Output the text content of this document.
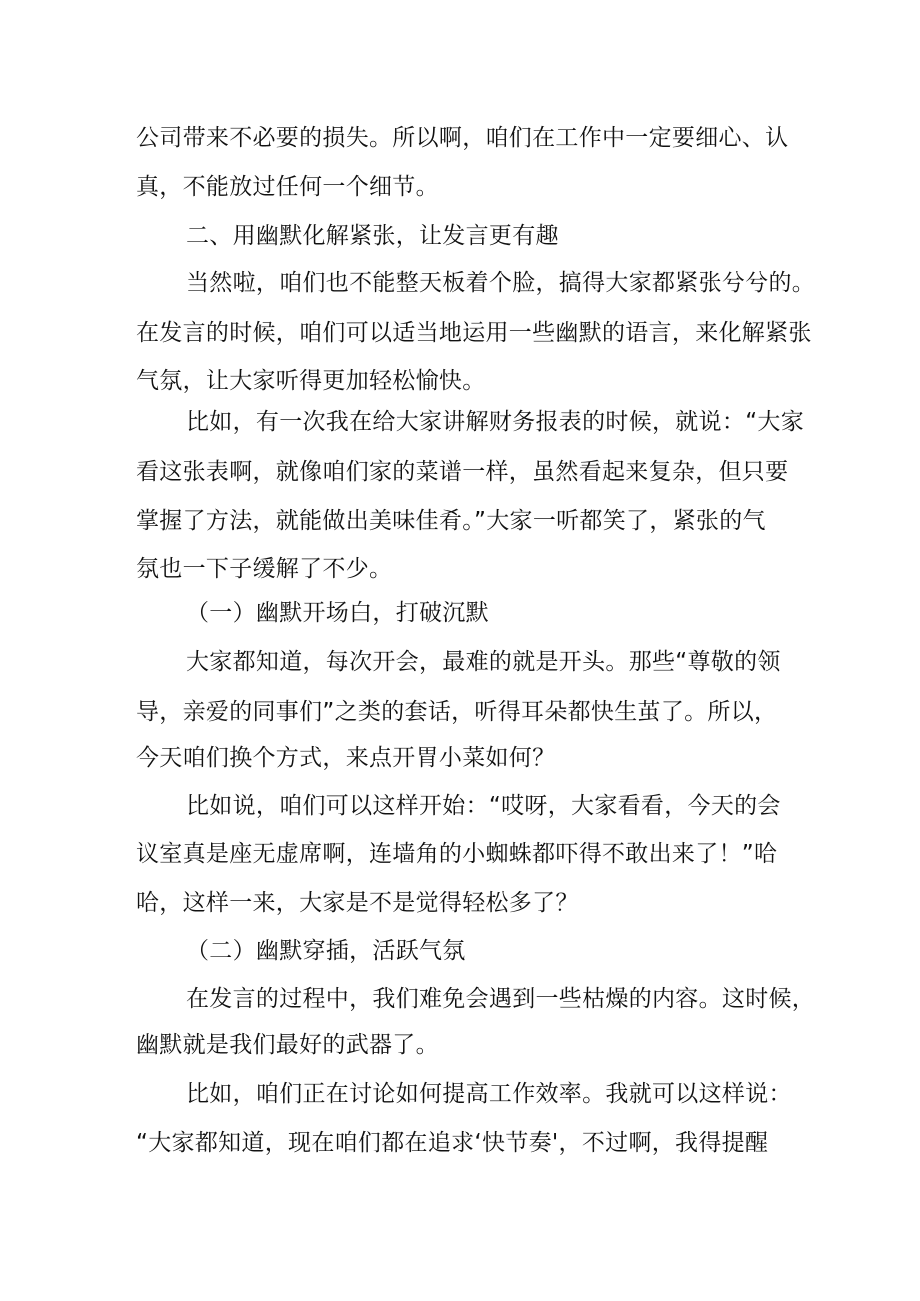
公司带来不必要的损失。所以啊，咱们在工作中一定要细心、认
真，不能放过任何一个细节。
二、用幽默化解紧张，让发言更有趣
当然啦，咱们也不能整天板着个脸，搞得大家都紧张兮兮的。
在发言的时候，咱们可以适当地运用一些幽默的语言，来化解紧张
气氛，让大家听得更加轻松愉快。
比如，有一次我在给大家讲解财务报表的时候，就说：“大家
看这张表啊，就像咱们家的菜谱一样，虽然看起来复杂，但只要
掌握了方法，就能做出美味佳肴。”大家一听都笑了，紧张的气
氛也一下子缓解了不少。
（一）幽默开场白，打破沉默
大家都知道，每次开会，最难的就是开头。那些“尊敬的领
导，亲爱的同事们”之类的套话，听得耳朵都快生茧了。所以，
今天咱们换个方式，来点开胃小菜如何？
比如说，咱们可以这样开始：“哎呀，大家看看，今天的会
议室真是座无虚席啊，连墙角的小蜘蛛都吓得不敢出来了！”哈
哈，这样一来，大家是不是觉得轻松多了？
（二）幽默穿插，活跃气氛
在发言的过程中，我们难免会遇到一些枯燥的内容。这时候，
幽默就是我们最好的武器了。
比如，咱们正在讨论如何提高工作效率。我就可以这样说：
“大家都知道，现在咱们都在追求‘快节奏'，不过啊，我得提醒
